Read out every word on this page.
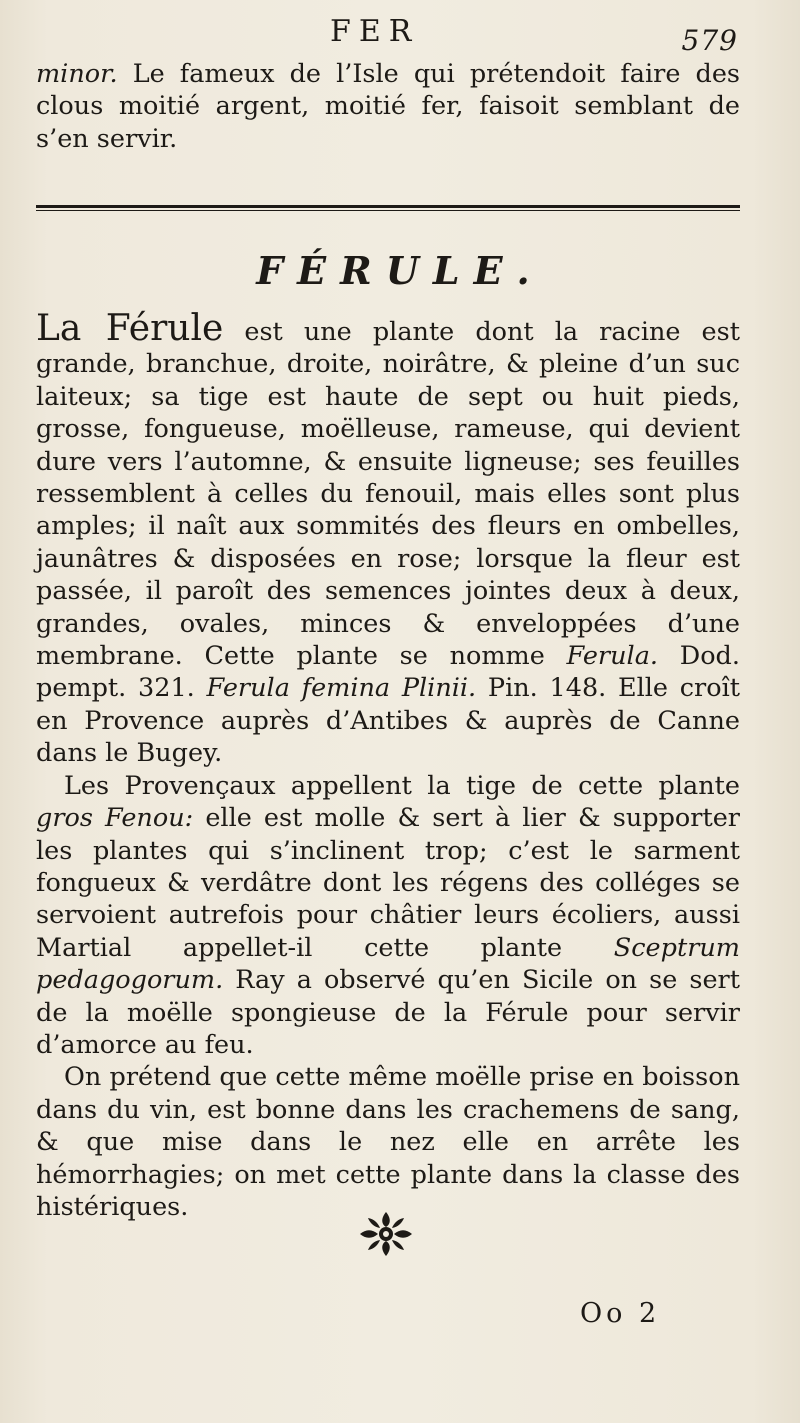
FER	579

minor. Le fameux de l’Isle qui prétendoit faire des clous moitié argent, moitié fer, faisoit semblant de s’en servir.

FÉRULE.

La Férule est une plante dont la racine est grande, branchue, droite, noirâtre, & pleine d’un suc laiteux; sa tige est haute de sept ou huit pieds, grosse, fongueuse, moëlleuse, rameuse, qui devient dure vers l’automne, & ensuite ligneuse; ses feuilles ressemblent à celles du fenouil, mais elles sont plus amples; il naît aux sommités des fleurs en ombelles, jaunâtres & disposées en rose; lorsque la fleur est passée, il paroît des semences jointes deux à deux, grandes, ovales, minces & enveloppées d’une membrane. Cette plante se nomme Ferula. Dod. pempt. 321. Ferula femina Plinii. Pin. 148. Elle croît en Provence auprès d’Antibes & auprès de Canne dans le Bugey.

Les Provençaux appellent la tige de cette plante gros Fenou: elle est molle & sert à lier & supporter les plantes qui s’inclinent trop; c’est le sarment fongueux & verdâtre dont les régens des colléges se servoient autrefois pour châtier leurs écoliers, aussi Martial appellet-il cette plante Sceptrum pedagogorum. Ray a observé qu’en Sicile on se sert de la moëlle spongieuse de la Férule pour servir d’amorce au feu.

On prétend que cette même moëlle prise en boisson dans du vin, est bonne dans les crachemens de sang, & que mise dans le nez elle en arrête les hémorrhagies; on met cette plante dans la classe des histériques.

Oo 2
